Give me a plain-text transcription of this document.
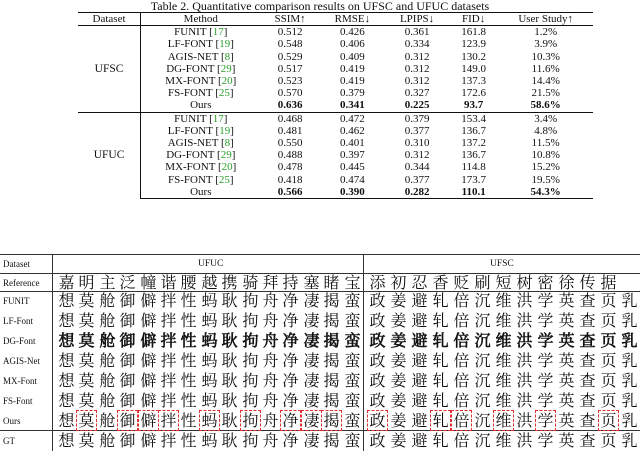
Table 2. Quantitative comparison results on UFSC and UFUC datasets
Dataset	Method	SSIM↑	RMSE↓	LPIPS↓	FID↓	User Study↑
UFSC	FUNIT [17]	0.512	0.426	0.361	161.8	1.2%
	LF-FONT [19]	0.548	0.406	0.334	123.9	3.9%
	AGIS-NET [8]	0.529	0.409	0.312	130.2	10.3%
	DG-FONT [29]	0.517	0.419	0.312	149.0	11.6%
	MX-FONT [20]	0.523	0.419	0.312	137.3	14.4%
	FS-FONT [25]	0.570	0.379	0.327	172.6	21.5%
	Ours	0.636	0.341	0.225	93.7	58.6%
UFUC	FUNIT [17]	0.468	0.472	0.379	153.4	3.4%
	LF-FONT [19]	0.481	0.462	0.377	136.7	4.8%
	AGIS-NET [8]	0.550	0.401	0.310	137.2	11.5%
	DG-FONT [29]	0.488	0.397	0.312	136.7	10.8%
	MX-FONT [20]	0.478	0.445	0.344	114.8	15.2%
	FS-FONT [25]	0.418	0.474	0.377	173.7	19.5%
	Ours	0.566	0.390	0.282	110.1	54.3%
Dataset	UFUC	UFSC
Reference 嘉 明 主 泛 幢 谐 腰 越 携 骑 拜 持 塞 睹 宝 添 初 忍 香 贬 刷 短 树 密 徐 传 据
FUNIT 想 莫 舱 御 僻 拌 性 蚂 耿 拘 舟 净 凄 揭 蛮 政 姜 避 轧 倍 沉 维 洪 学 英 查 页 乳
LF-Font 想 莫 舱 御 僻 拌 性 蚂 耿 拘 舟 净 凄 揭 蛮 政 姜 避 轧 倍 沉 维 洪 学 英 查 页 乳
DG-Font 想 莫 舱 御 僻 拌 性 蚂 耿 拘 舟 净 凄 揭 蛮 政 姜 避 轧 倍 沉 维 洪 学 英 查 页 乳
AGIS-Net 想 莫 舱 御 僻 拌 性 蚂 耿 拘 舟 净 凄 揭 蛮 政 姜 避 轧 倍 沉 维 洪 学 英 查 页 乳
MX-Font 想 莫 舱 御 僻 拌 性 蚂 耿 拘 舟 净 凄 揭 蛮 政 姜 避 轧 倍 沉 维 洪 学 英 查 页 乳
FS-Font 想 莫 舱 御 僻 拌 性 蚂 耿 拘 舟 净 凄 揭 蛮 政 姜 避 轧 倍 沉 维 洪 学 英 查 页 乳
Ours 想 莫 舱 御 僻 拌 性 蚂 耿 拘 舟 净 凄 揭 蛮 政 姜 避 轧 倍 沉 维 洪 学 英 查 页 乳
GT	想 莫 舱 御 僻 拌 性 蚂 耿 拘 舟 净 凄 揭 蛮 政 姜 避 轧 倍 沉 维 洪 学 英 查 页 乳
